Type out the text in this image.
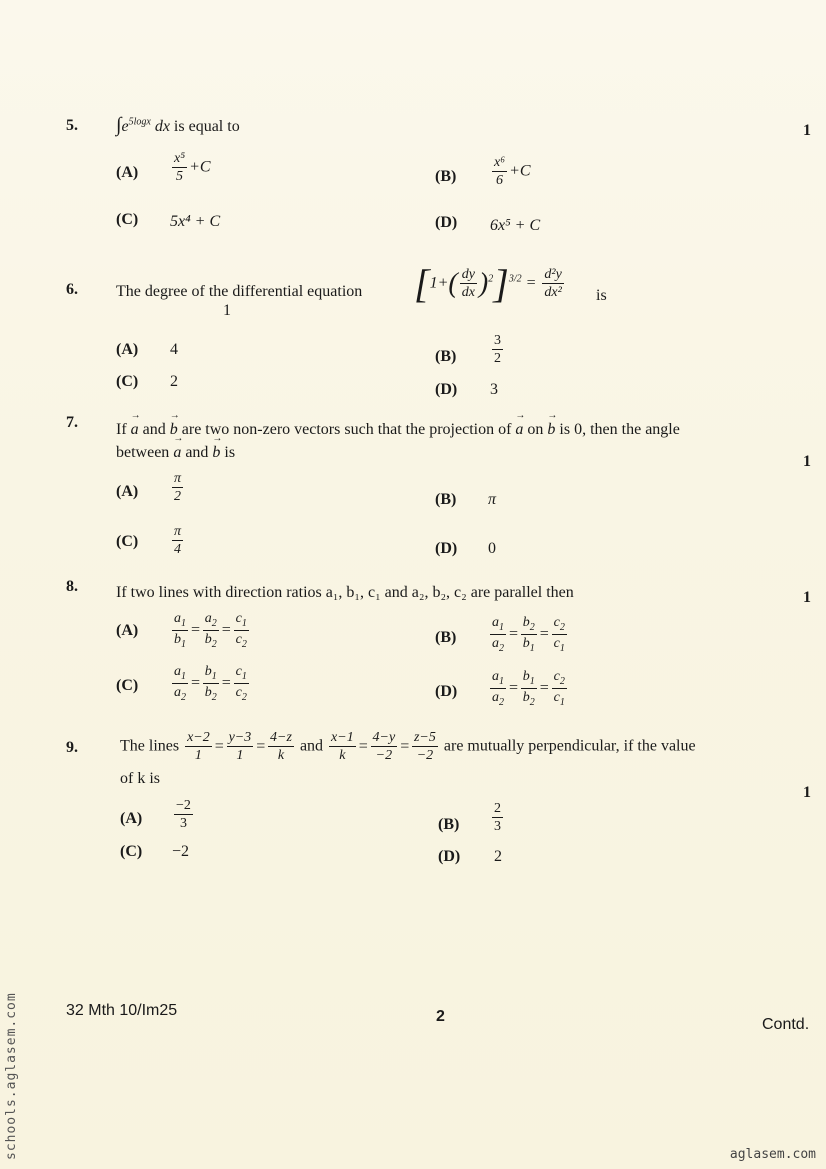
5. $\int e^{5logx}$ dx is equal to	1
$(A) \frac{\text{x⁵}}{5} +C$
(B)	$\frac{\text{x⁶}}{6} +C$
(C) 5x⁴ + C	(D) 6x⁵ + C
6. The degree of the differential equation
1
$[1+( \frac{dy}{dx} )^2]^{3/2} = \frac{\text{d²y}}{\text{dx²}}$ is
(A) 4	(B)	$\frac{3}{2}$
(C) 2	(D) 3
7. If → a and → b are two non-zero vectors such that the projection of → a on → b is 0, then the angle
between → a and → b is
1
$(A) \frac{\pi}{2}$	(B) π
$(C) \frac{\pi}{4}$	(D) 0
8. If two lines with direction ratios a₁, b₁, c₁ and a₂, b₂, c₂ are parallel then	1
$(A) \frac{a_1}{b_1} = \frac{a_2}{b_2} = \frac{c_1}{c_2}$	$(B) \frac{a_1}{a_2} = \frac{b_2}{b_1} = \frac{c_2}{c_1}$
$(C) \frac{a_1}{a_2} = \frac{b_1}{b_2} = \frac{c_1}{c_2}$	$(D) \frac{a_1}{a_2} = \frac{b_1}{b_2} = \frac{c_2}{c_1}$
9.	The lines $\frac{x-2}{1} = \frac{y-3}{1} = \frac{4-z}{k}$ and $\frac{x-1}{k} = \frac{4-y}{-2} = \frac{z-5}{-2}$ are mutually perpendicular, if the value
of k is
1
$(A) \frac{-2}{3}$	$(B) \frac{2}{3}$
(C) −2	(D) 2
32 Mth 10/Im25	2	Contd.
schools.aglasem.com	aglasem.com
